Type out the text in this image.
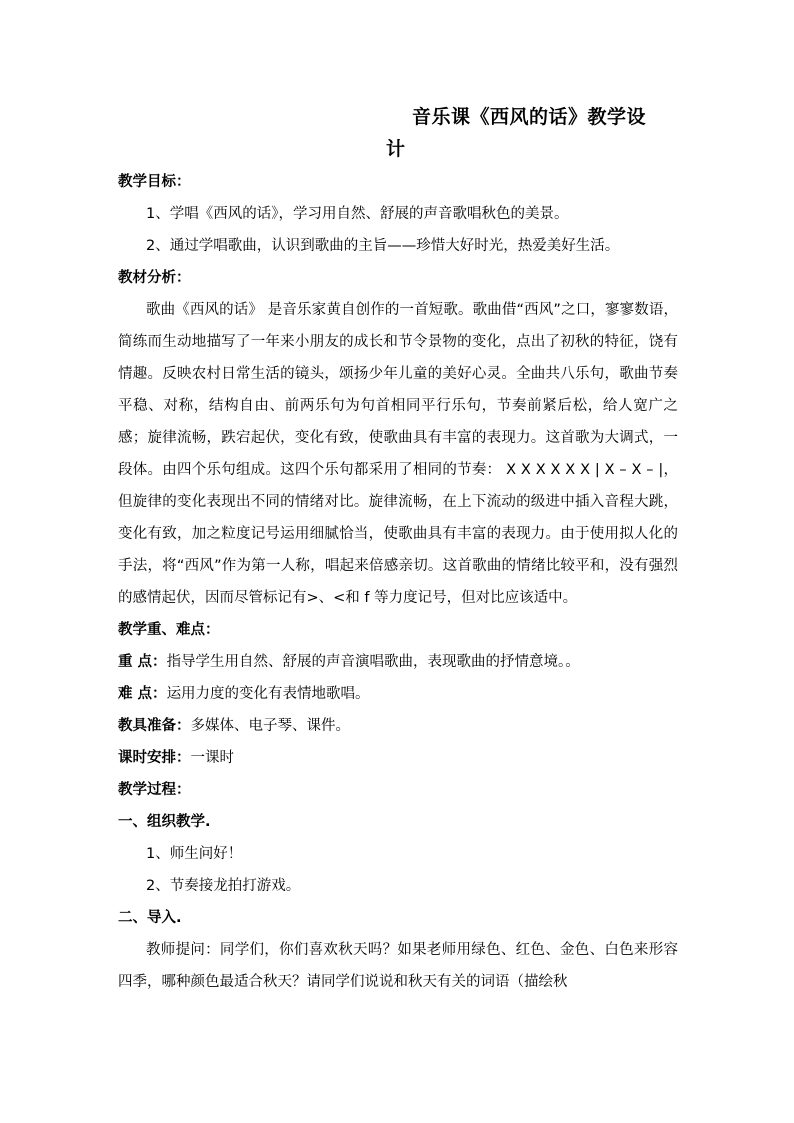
音乐课《西风的话》教学设
计

教学目标：

1、学唱《西风的话》，学习用自然、舒展的声音歌唱秋色的美景。

2、通过学唱歌曲，认识到歌曲的主旨——珍惜大好时光，热爱美好生活。

教材分析：

歌曲《西风的话》 是音乐家黄自创作的一首短歌。歌曲借“西风”之口，寥寥数语，简练而生动地描写了一年来小朋友的成长和节令景物的变化，点出了初秋的特征，饶有情趣。反映农村日常生活的镜头，颂扬少年儿童的美好心灵。全曲共八乐句，歌曲节奏平稳、对称，结构自由、前两乐句为句首相同平行乐句，节奏前紧后松，给人宽广之感；旋律流畅，跌宕起伏，变化有致，使歌曲具有丰富的表现力。这首歌为大调式，一段体。由四个乐句组成。这四个乐句都采用了相同的节奏： X X X X X X | X – X – |，但旋律的变化表现出不同的情绪对比。旋律流畅，在上下流动的级进中插入音程大跳，变化有致，加之粒度记号运用细腻恰当，使歌曲具有丰富的表现力。由于使用拟人化的手法，将“西风”作为第一人称，唱起来倍感亲切。这首歌曲的情绪比较平和，没有强烈的感情起伏，因而尽管标记有>、<和 f 等力度记号，但对比应该适中。

教学重、难点：

重 点：指导学生用自然、舒展的声音演唱歌曲，表现歌曲的抒情意境。。

难 点：运用力度的变化有表情地歌唱。

教具准备：多媒体、电子琴、课件。

课时安排：一课时

教学过程：

一、组织教学.

1、师生问好！

2、节奏接龙拍打游戏。

二、导入.

教师提问：同学们，你们喜欢秋天吗？如果老师用绿色、红色、金色、白色来形容四季，哪种颜色最适合秋天？请同学们说说和秋天有关的词语（描绘秋
